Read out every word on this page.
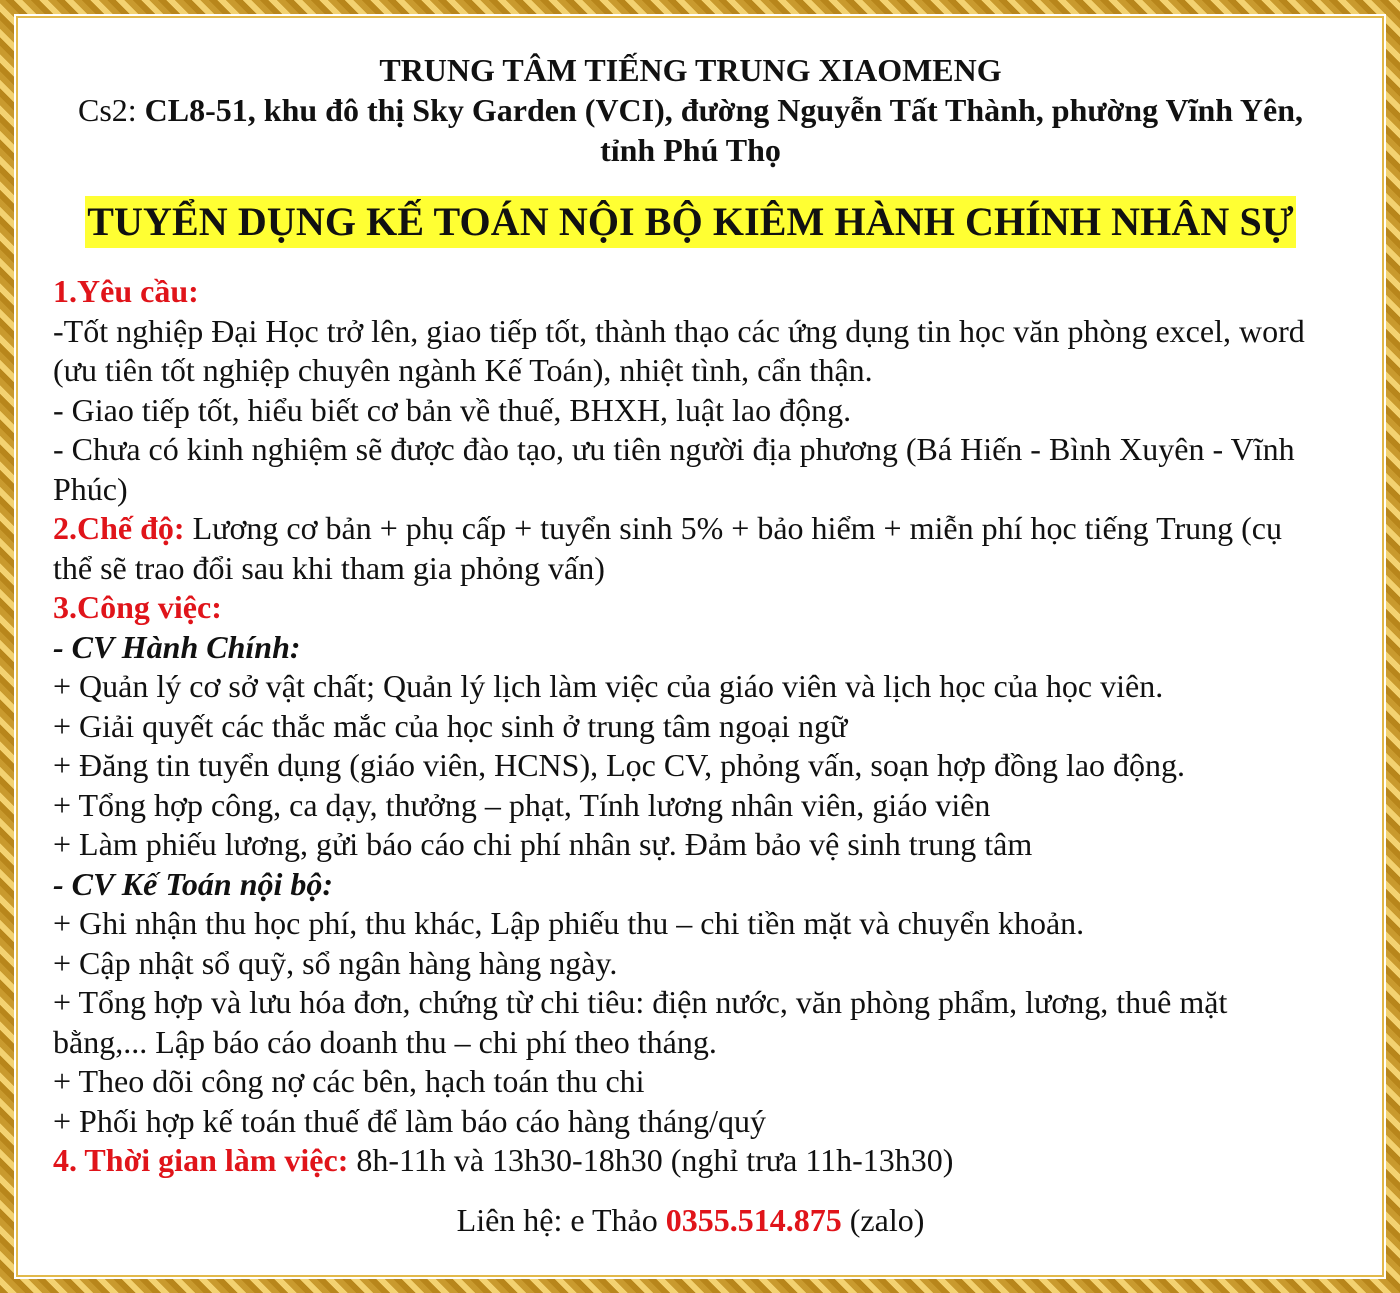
TRUNG TÂM TIẾNG TRUNG XIAOMENG
Cs2: CL8-51, khu đô thị Sky Garden (VCI), đường Nguyễn Tất Thành, phường Vĩnh Yên, tỉnh Phú Thọ
TUYỂN DỤNG KẾ TOÁN NỘI BỘ KIÊM HÀNH CHÍNH NHÂN SỰ

1.Yêu cầu:

-Tốt nghiệp Đại Học trở lên, giao tiếp tốt, thành thạo các ứng dụng tin học văn phòng excel, word (ưu tiên tốt nghiệp chuyên ngành Kế Toán), nhiệt tình, cẩn thận.

- Giao tiếp tốt, hiểu biết cơ bản về thuế, BHXH, luật lao động.

- Chưa có kinh nghiệm sẽ được đào tạo, ưu tiên người địa phương (Bá Hiến - Bình Xuyên - Vĩnh Phúc)

2.Chế độ: Lương cơ bản + phụ cấp + tuyển sinh 5% + bảo hiểm + miễn phí học tiếng Trung (cụ thể sẽ trao đổi sau khi tham gia phỏng vấn)

3.Công việc:

- CV Hành Chính:

+ Quản lý cơ sở vật chất; Quản lý lịch làm việc của giáo viên và lịch học của học viên.

+ Giải quyết các thắc mắc của học sinh ở trung tâm ngoại ngữ

+ Đăng tin tuyển dụng (giáo viên, HCNS), Lọc CV, phỏng vấn, soạn hợp đồng lao động.

+ Tổng hợp công, ca dạy, thưởng – phạt, Tính lương nhân viên, giáo viên

+ Làm phiếu lương, gửi báo cáo chi phí nhân sự. Đảm bảo vệ sinh trung tâm

- CV Kế Toán nội bộ:

+ Ghi nhận thu học phí, thu khác, Lập phiếu thu – chi tiền mặt và chuyển khoản.

+ Cập nhật sổ quỹ, sổ ngân hàng hàng ngày.

+ Tổng hợp và lưu hóa đơn, chứng từ chi tiêu: điện nước, văn phòng phẩm, lương, thuê mặt bằng,... Lập báo cáo doanh thu – chi phí theo tháng.

+ Theo dõi công nợ các bên, hạch toán thu chi

+ Phối hợp kế toán thuế để làm báo cáo hàng tháng/quý

4. Thời gian làm việc: 8h-11h và 13h30-18h30 (nghỉ trưa 11h-13h30)

Liên hệ: e Thảo 0355.514.875 (zalo)
